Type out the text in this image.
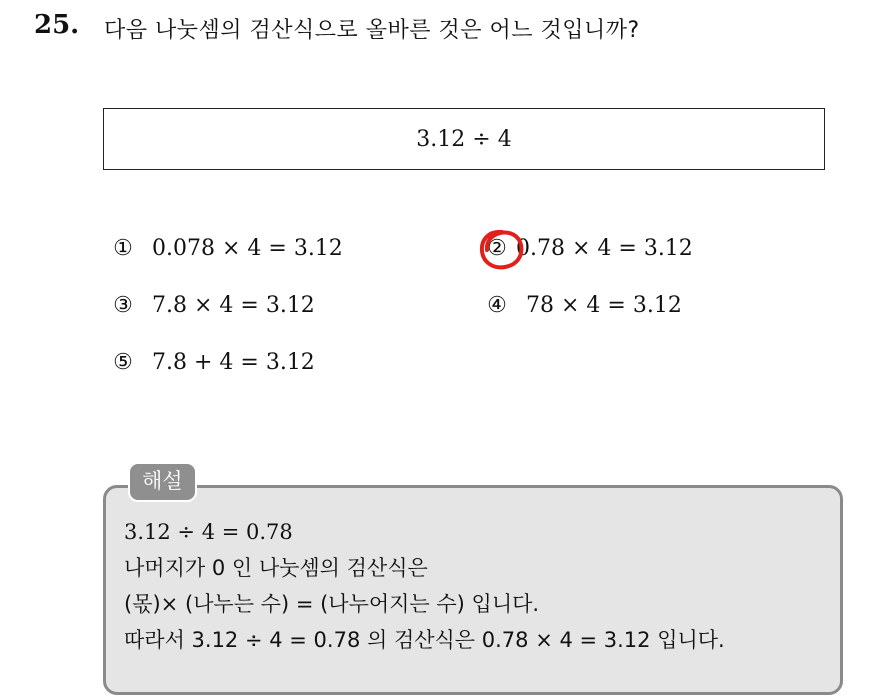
25. 다음 나눗셈의 검산식으로 올바른 것은 어느 것입니까?
3.12 ÷ 4
① 0.078 × 4 = 3.12	② 0.78 × 4 = 3.12
③ 7.8 × 4 = 3.12	④ 78 × 4 = 3.12
⑤ 7.8 + 4 = 3.12
해설
3.12 ÷ 4 = 0.78
나머지가 0 인 나눗셈의 검산식은
(몫)× (나누는 수) = (나누어지는 수) 입니다.
따라서 3.12 ÷ 4 = 0.78 의 검산식은 0.78 × 4 = 3.12 입니다.
